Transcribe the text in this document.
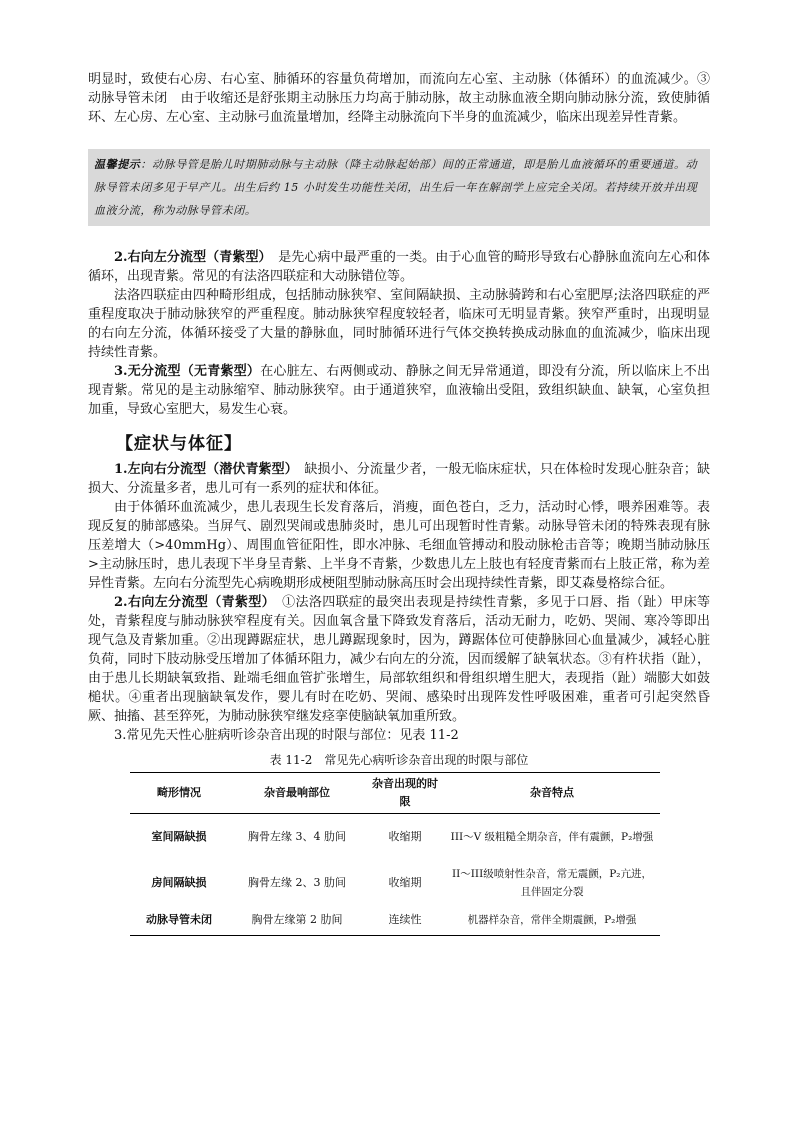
明显时，致使右心房、右心室、肺循环的容量负荷增加，而流向左心室、主动脉（体循环）的血流减少。③动脉导管未闭　由于收缩还是舒张期主动脉压力均高于肺动脉，故主动脉血液全期向肺动脉分流，致使肺循环、左心房、左心室、主动脉弓血流量增加，经降主动脉流向下半身的血流减少，临床出现差异性青紫。

温馨提示：动脉导管是胎儿时期肺动脉与主动脉（降主动脉起始部）间的正常通道，即是胎儿血液循环的重要通道。动脉导管未闭多见于早产儿。出生后约 15 小时发生功能性关闭，出生后一年在解剖学上应完全关闭。若持续开放并出现血液分流，称为动脉导管未闭。

2.右向左分流型（青紫型）　是先心病中最严重的一类。由于心血管的畸形导致右心静脉血流向左心和体循环，出现青紫。常见的有法洛四联症和大动脉错位等。

法洛四联症由四种畸形组成，包括肺动脉狭窄、室间隔缺损、主动脉骑跨和右心室肥厚;法洛四联症的严重程度取决于肺动脉狭窄的严重程度。肺动脉狭窄程度较轻者，临床可无明显青紫。狭窄严重时，出现明显的右向左分流，体循环接受了大量的静脉血，同时肺循环进行气体交换转换成动脉血的血流减少，临床出现持续性青紫。

3.无分流型（无青紫型）在心脏左、右两侧或动、静脉之间无异常通道，即没有分流，所以临床上不出现青紫。常见的是主动脉缩窄、肺动脉狭窄。由于通道狭窄，血液输出受阻，致组织缺血、缺氧，心室负担加重，导致心室肥大，易发生心衰。

【症状与体征】

1.左向右分流型（潜伏青紫型）　缺损小、分流量少者，一般无临床症状，只在体检时发现心脏杂音；缺损大、分流量多者，患儿可有一系列的症状和体征。

由于体循环血流减少，患儿表现生长发育落后，消瘦，面色苍白，乏力，活动时心悸，喂养困难等。表现反复的肺部感染。当屏气、剧烈哭闹或患肺炎时，患儿可出现暂时性青紫。动脉导管未闭的特殊表现有脉压差增大（>40mmHg）、周围血管征阳性，即水冲脉、毛细血管搏动和股动脉枪击音等；晚期当肺动脉压>主动脉压时，患儿表现下半身呈青紫、上半身不青紫，少数患儿左上肢也有轻度青紫而右上肢正常，称为差异性青紫。左向右分流型先心病晚期形成梗阻型肺动脉高压时会出现持续性青紫，即艾森曼格综合征。

2.右向左分流型（青紫型）　①法洛四联症的最突出表现是持续性青紫，多见于口唇、指（趾）甲床等处，青紫程度与肺动脉狭窄程度有关。因血氧含量下降致发育落后，活动无耐力，吃奶、哭闹、寒冷等即出现气急及青紫加重。②出现蹲踞症状，患儿蹲踞现象时，因为，蹲踞体位可使静脉回心血量减少，减轻心脏负荷，同时下肢动脉受压增加了体循环阻力，减少右向左的分流，因而缓解了缺氧状态。③有杵状指（趾），由于患儿长期缺氧致指、趾端毛细血管扩张增生，局部软组织和骨组织增生肥大，表现指（趾）端膨大如鼓槌状。④重者出现脑缺氧发作，婴儿有时在吃奶、哭闹、感染时出现阵发性呼吸困难，重者可引起突然昏厥、抽搐、甚至猝死，为肺动脉狭窄继发痉挛使脑缺氧加重所致。

3.常见先天性心脏病听诊杂音出现的时限与部位：见表 11-2

表 11-2　常见先心病听诊杂音出现的时限与部位
畸形情况	杂音最响部位	杂音出现的时限	杂音特点
室间隔缺损	胸骨左缘 3、4 肋间	收缩期	III～V 级粗糙全期杂音，伴有震颤，P₂增强
房间隔缺损	胸骨左缘 2、3 肋间	收缩期	II～III级喷射性杂音，常无震颤，P₂亢进，且伴固定分裂
动脉导管未闭	胸骨左缘第 2 肋间	连续性	机器样杂音，常伴全期震颤，P₂增强
